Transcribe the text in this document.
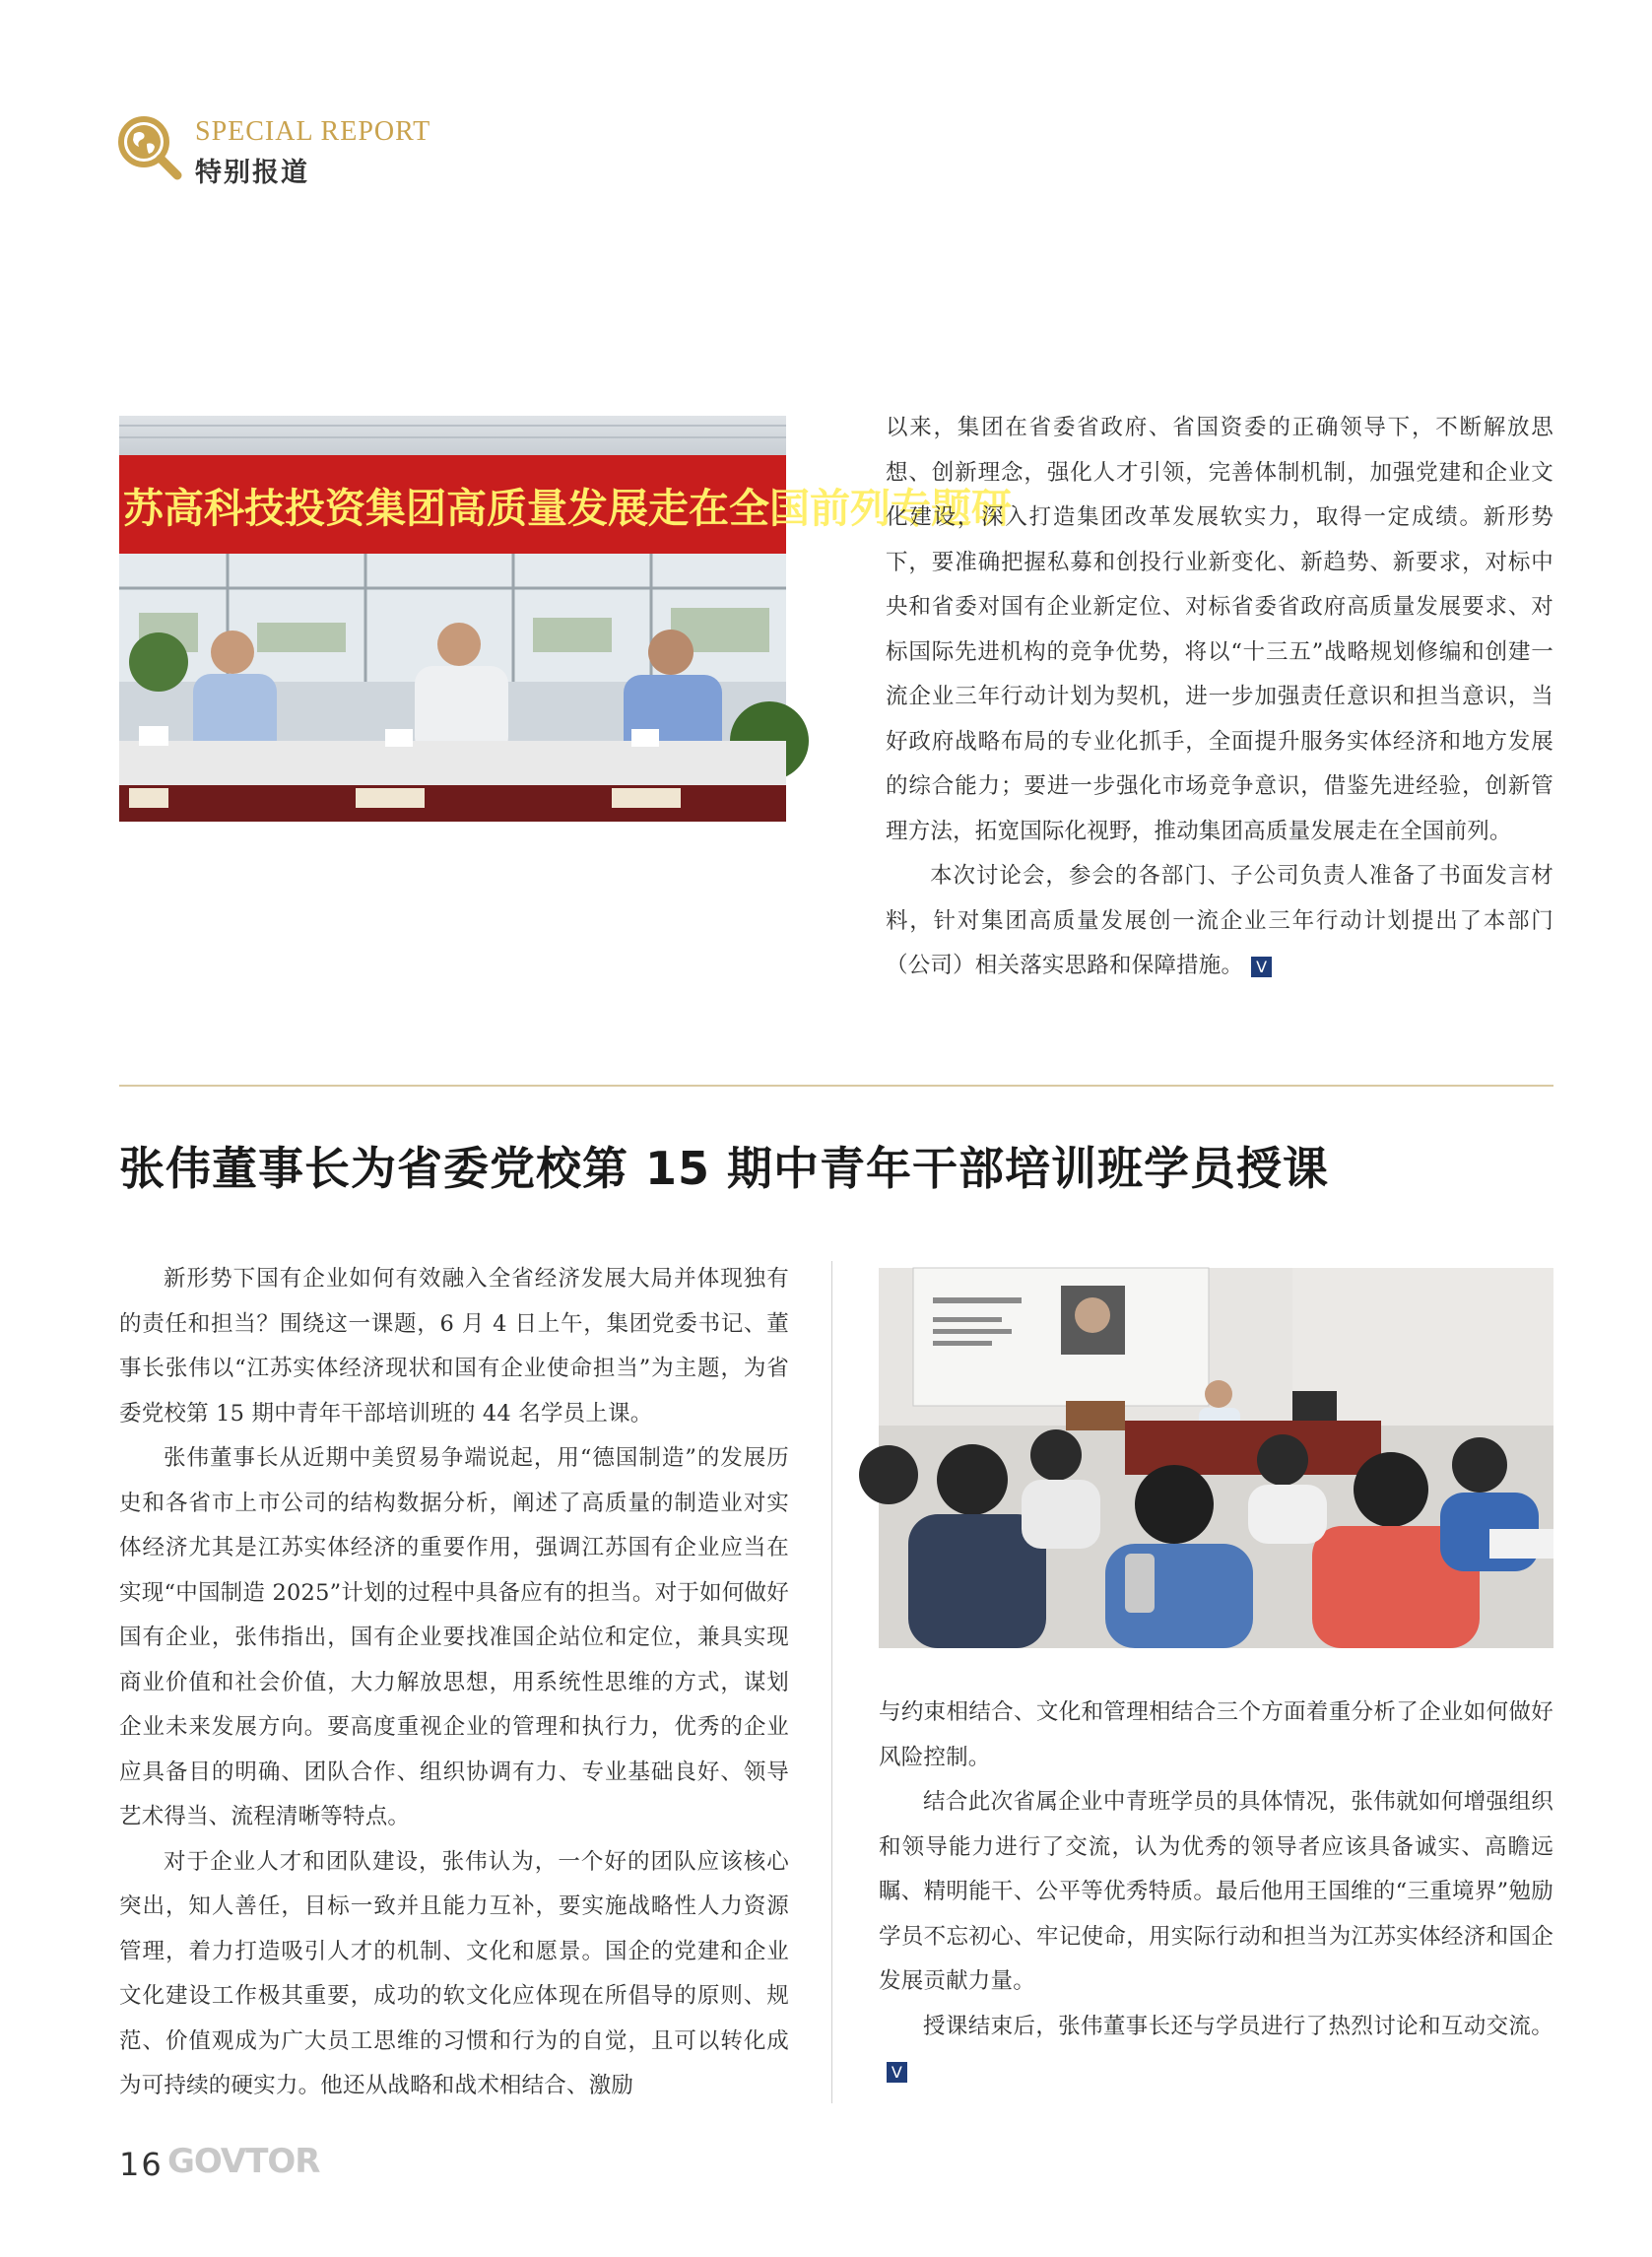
SPECIAL REPORT
特别报道
苏高科技投资集团高质量发展走在全国前列专题研

以来，集团在省委省政府、省国资委的正确领导下，不断解放思想、创新理念，强化人才引领，完善体制机制，加强党建和企业文化建设，深入打造集团改革发展软实力，取得一定成绩。新形势下，要准确把握私募和创投行业新变化、新趋势、新要求，对标中央和省委对国有企业新定位、对标省委省政府高质量发展要求、对标国际先进机构的竞争优势，将以“十三五”战略规划修编和创建一流企业三年行动计划为契机，进一步加强责任意识和担当意识，当好政府战略布局的专业化抓手，全面提升服务实体经济和地方发展的综合能力；要进一步强化市场竞争意识，借鉴先进经验，创新管理方法，拓宽国际化视野，推动集团高质量发展走在全国前列。

本次讨论会，参会的各部门、子公司负责人准备了书面发言材料，针对集团高质量发展创一流企业三年行动计划提出了本部门（公司）相关落实思路和保障措施。 V

张伟董事长为省委党校第 15 期中青年干部培训班学员授课

新形势下国有企业如何有效融入全省经济发展大局并体现独有的责任和担当？围绕这一课题，6 月 4 日上午，集团党委书记、董事长张伟以“江苏实体经济现状和国有企业使命担当”为主题，为省委党校第 15 期中青年干部培训班的 44 名学员上课。

张伟董事长从近期中美贸易争端说起，用“德国制造”的发展历史和各省市上市公司的结构数据分析，阐述了高质量的制造业对实体经济尤其是江苏实体经济的重要作用，强调江苏国有企业应当在实现“中国制造 2025”计划的过程中具备应有的担当。对于如何做好国有企业，张伟指出，国有企业要找准国企站位和定位，兼具实现商业价值和社会价值，大力解放思想，用系统性思维的方式，谋划企业未来发展方向。要高度重视企业的管理和执行力，优秀的企业应具备目的明确、团队合作、组织协调有力、专业基础良好、领导艺术得当、流程清晰等特点。

对于企业人才和团队建设，张伟认为，一个好的团队应该核心突出，知人善任，目标一致并且能力互补，要实施战略性人力资源管理，着力打造吸引人才的机制、文化和愿景。国企的党建和企业文化建设工作极其重要，成功的软文化应体现在所倡导的原则、规范、价值观成为广大员工思维的习惯和行为的自觉，且可以转化成为可持续的硬实力。他还从战略和战术相结合、激励

与约束相结合、文化和管理相结合三个方面着重分析了企业如何做好风险控制。

结合此次省属企业中青班学员的具体情况，张伟就如何增强组织和领导能力进行了交流，认为优秀的领导者应该具备诚实、高瞻远瞩、精明能干、公平等优秀特质。最后他用王国维的“三重境界”勉励学员不忘初心、牢记使命，用实际行动和担当为江苏实体经济和国企发展贡献力量。

授课结束后，张伟董事长还与学员进行了热烈讨论和互动交流。V

16 GOVTOR
